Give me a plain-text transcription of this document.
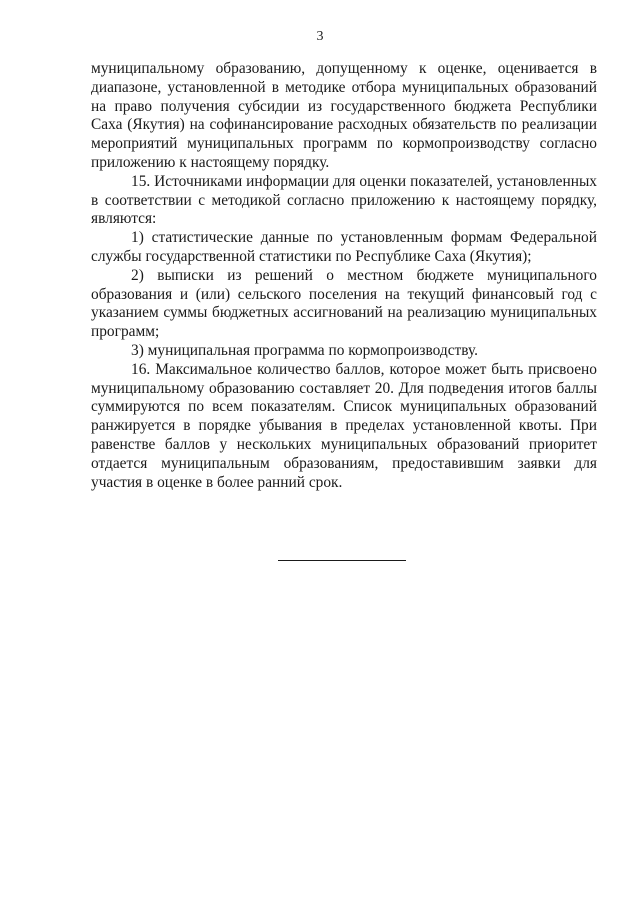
3

муниципальному образованию, допущенному к оценке, оценивается в диапазоне, установленной в методике отбора муниципальных образований на право получения субсидии из государственного бюджета Республики Саха (Якутия) на софинансирование расходных обязательств по реализации мероприятий муниципальных программ по кормопроизводству согласно приложению к настоящему порядку.

15. Источниками информации для оценки показателей, установленных в соответствии с методикой согласно приложению к настоящему порядку, являются:

1) статистические данные по установленным формам Федеральной службы государственной статистики по Республике Саха (Якутия);

2) выписки из решений о местном бюджете муниципального образования и (или) сельского поселения на текущий финансовый год с указанием суммы бюджетных ассигнований на реализацию муниципальных программ;

3) муниципальная программа по кормопроизводству.

16. Максимальное количество баллов, которое может быть присвоено муниципальному образованию составляет 20. Для подведения итогов баллы суммируются по всем показателям. Список муниципальных образований ранжируется в порядке убывания в пределах установленной квоты. При равенстве баллов у нескольких муниципальных образований приоритет отдается муниципальным образованиям, предоставившим заявки для участия в оценке в более ранний срок.
